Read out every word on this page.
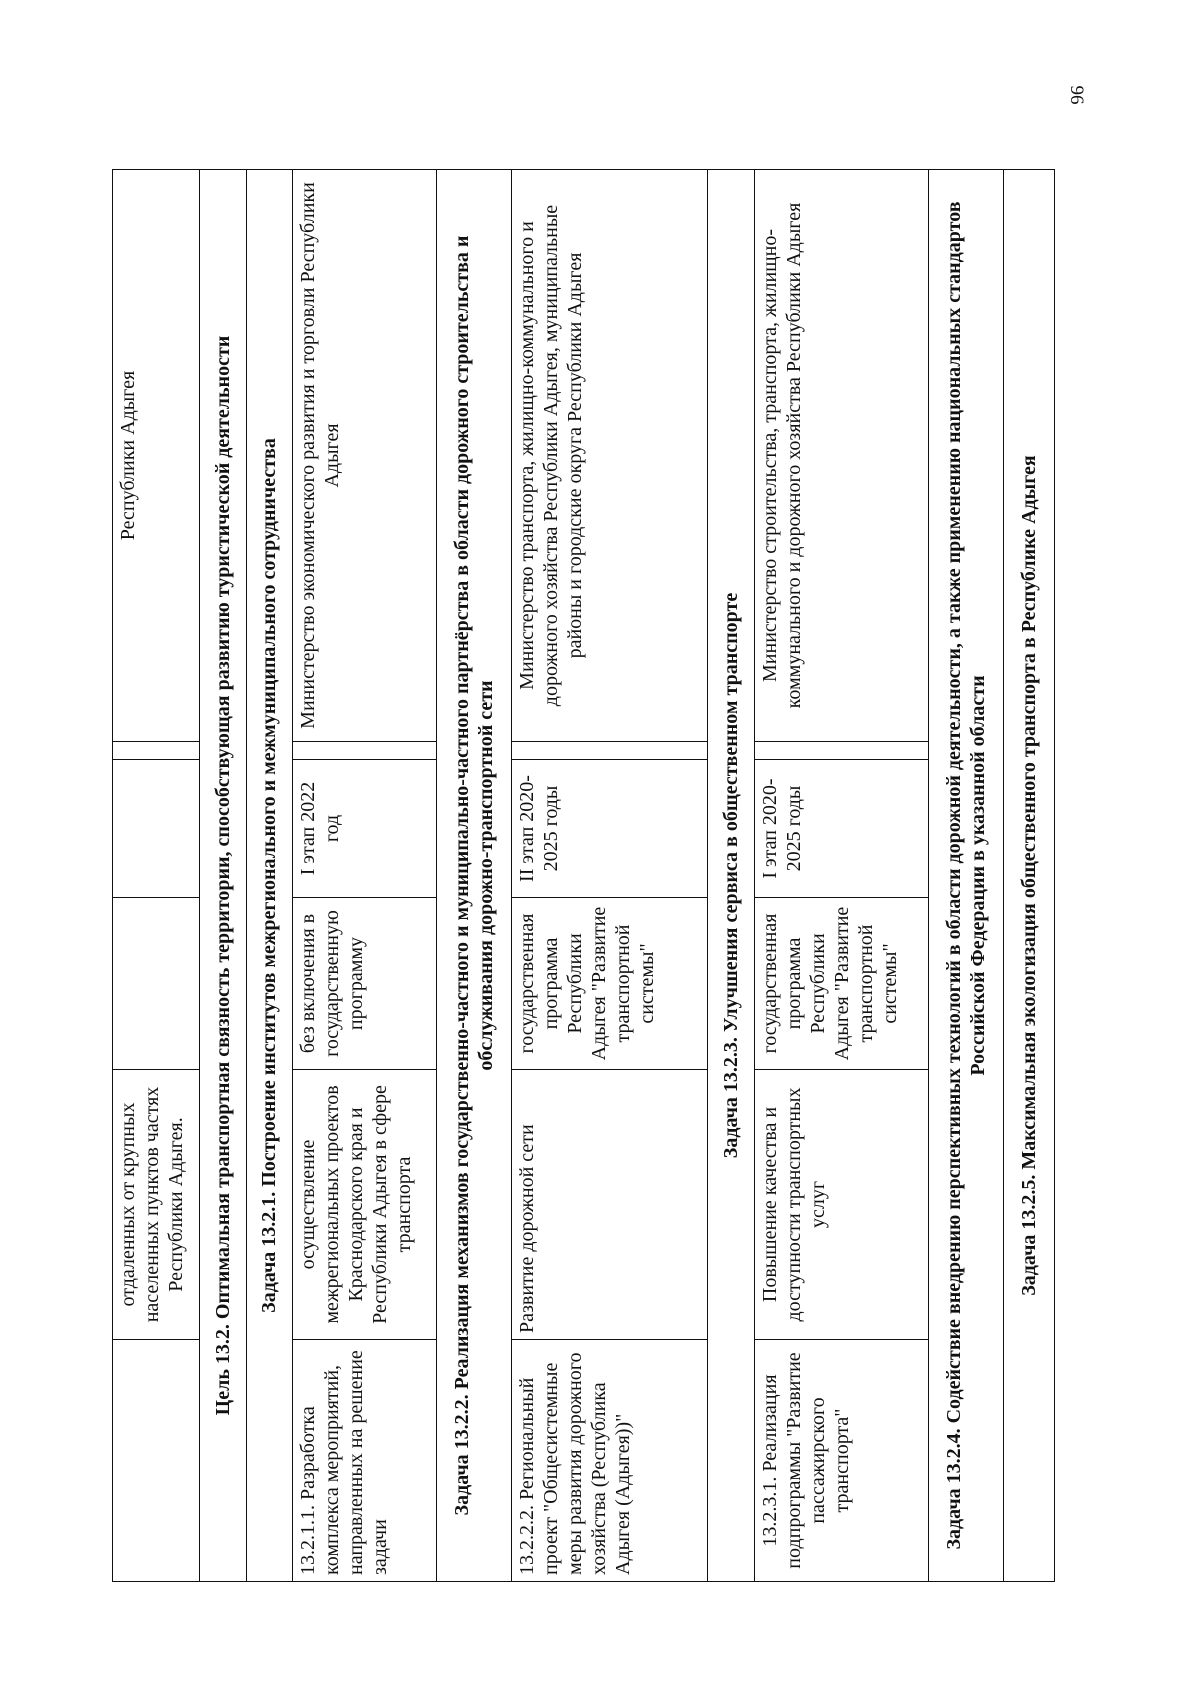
96
	отдаленных от крупных населенных пунктов частях Республики Адыгея.				Республики Адыгея
Цель 13.2. Оптимальная транспортная связность территории, способствующая развитию туристической деятельности					
Задача 13.2.1. Построение институтов межрегионального и межмуниципального сотрудничества					
13.2.1.1. Разработка комплекса мероприятий, направленных на решение задачи	осуществление межрегиональных проектов Краснодарского края и Республики Адыгея в сфере транспорта	без включения в государственную программу	I этап 2022 год		Министерство экономического развития и торговли Республики Адыгея
Задача 13.2.2. Реализация механизмов государственно-частного и муниципально-частного партнёрства в области дорожного строительства и обслуживания дорожно-транспортной сети					
13.2.2.2. Региональный проект "Общесистемные меры развития дорожного хозяйства (Республика Адыгея (Адыгея))"	Развитие дорожной сети	государственная программа Республики Адыгея "Развитие транспортной системы"	II этап 2020-2025 годы		Министерство транспорта, жилищно-коммунального и дорожного хозяйства Республики Адыгея, муниципальные районы и городские округа Республики Адыгея
Задача 13.2.3. Улучшения сервиса в общественном транспорте					
13.2.3.1. Реализация подпрограммы "Развитие пассажирского транспорта"	Повышение качества и доступности транспортных услуг	государственная программа Республики Адыгея "Развитие транспортной системы"	I этап 2020-2025 годы		Министерство строительства, транспорта, жилищно-коммунального и дорожного хозяйства Республики Адыгея
Задача 13.2.4. Содействие внедрению перспективных технологий в области дорожной деятельности, а также применению национальных стандартов Российской Федерации в указанной области					
Задача 13.2.5. Максимальная экологизация общественного транспорта в Республике Адыгея					
